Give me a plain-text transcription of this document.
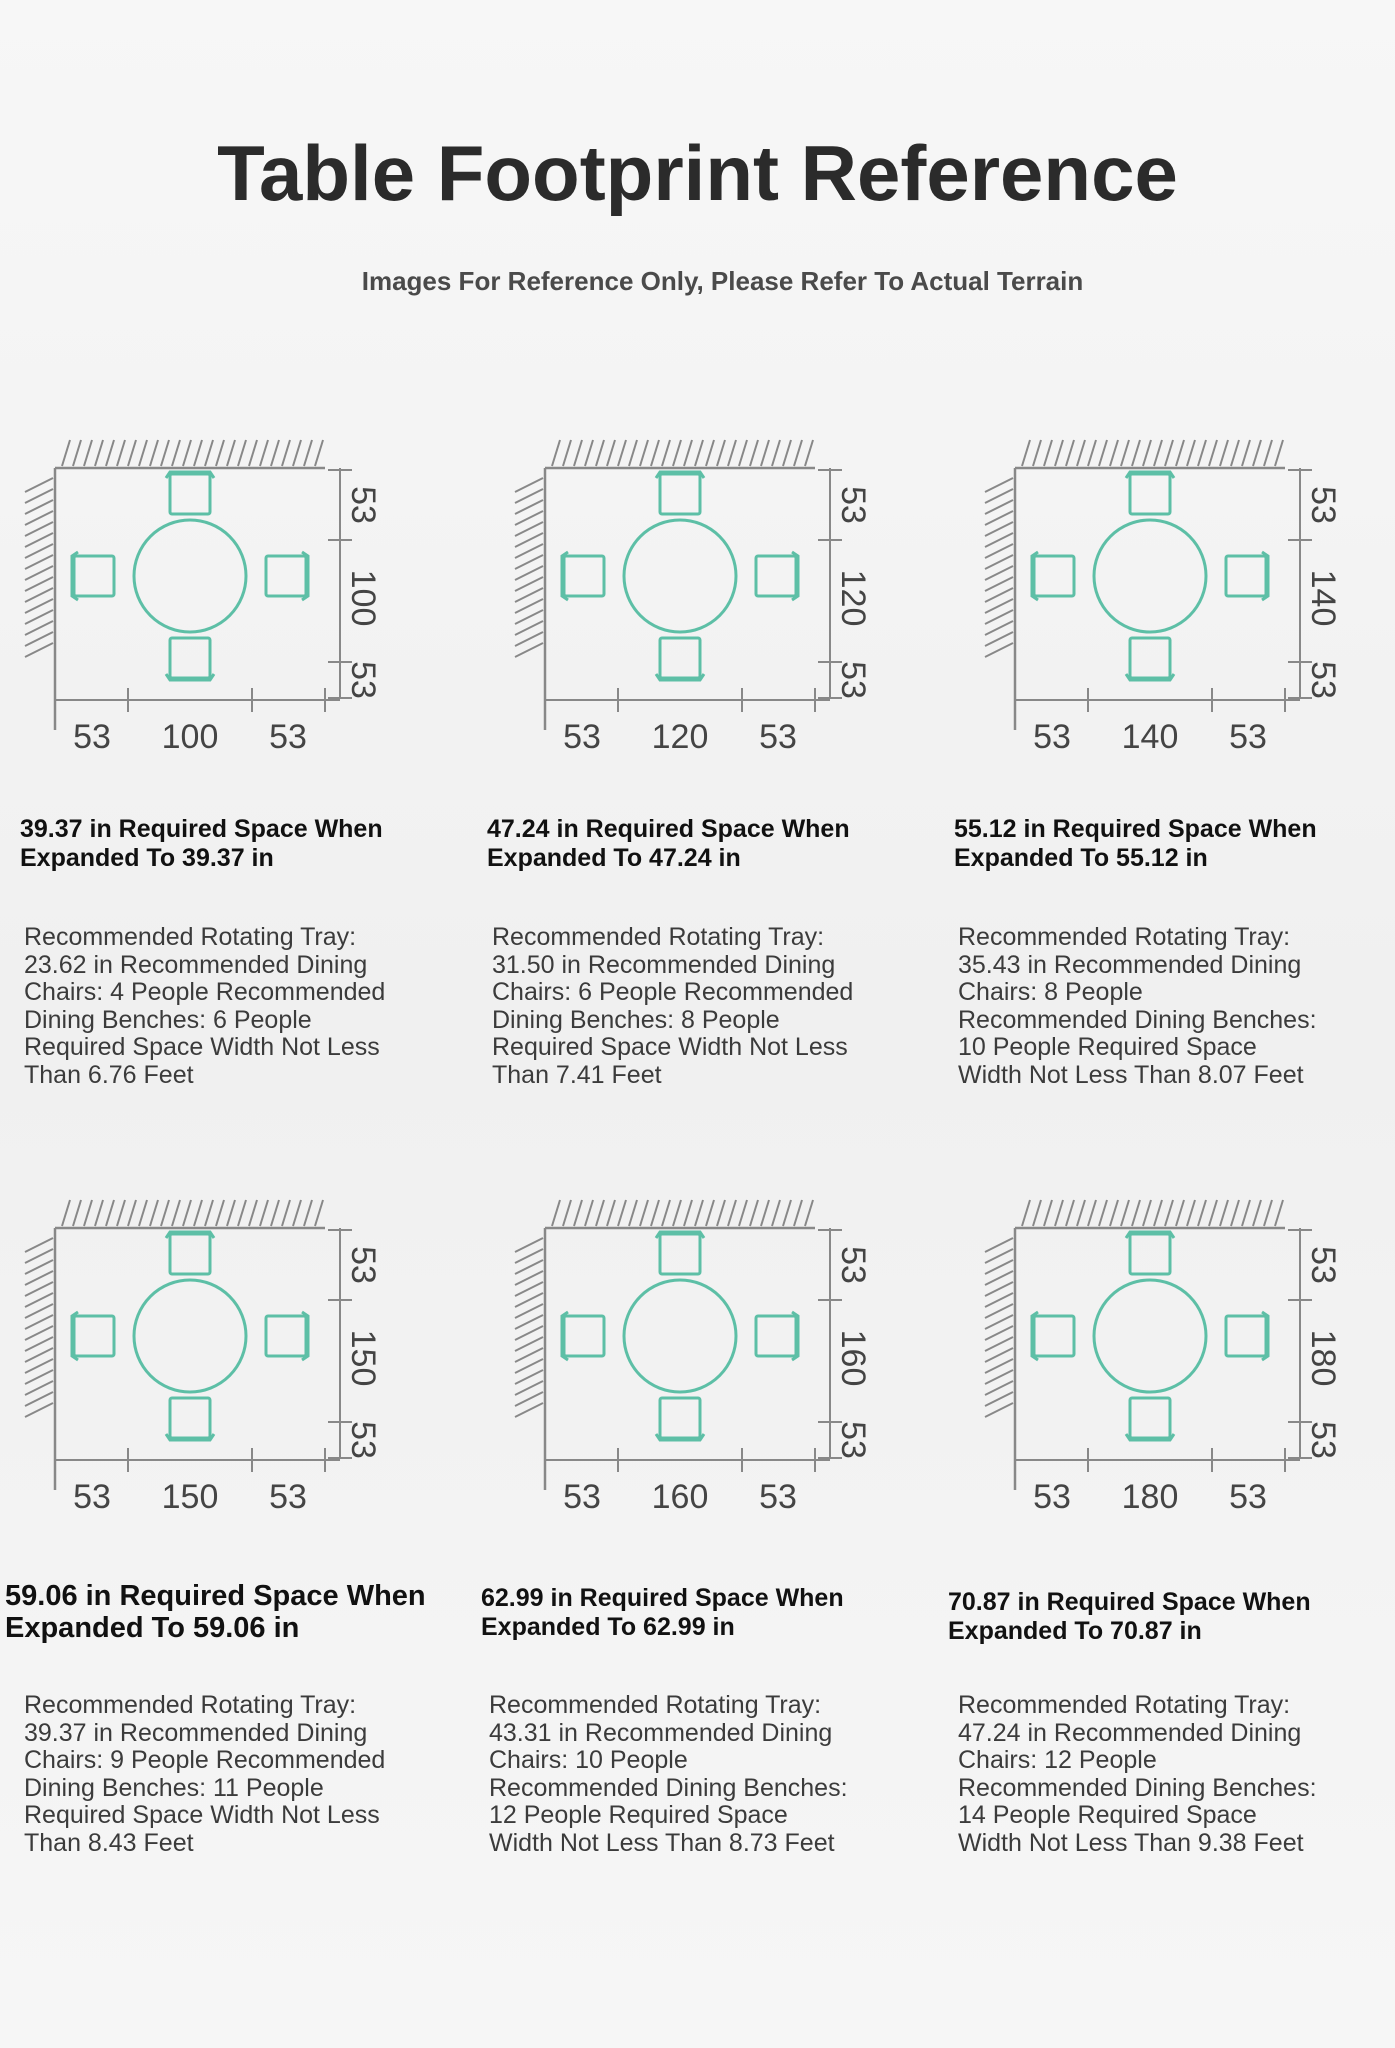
Table Footprint Reference
Images For Reference Only, Please Refer To Actual Terrain
53 100 53
53
100
53
39.37 in Required Space When
Expanded To 39.37 in
Recommended Rotating Tray:
23.62 in Recommended Dining
Chairs: 4 People Recommended
Dining Benches: 6 People
Required Space Width Not Less
Than 6.76 Feet
53 120 53
53
120
53
47.24 in Required Space When
Expanded To 47.24 in
Recommended Rotating Tray:
31.50 in Recommended Dining
Chairs: 6 People Recommended
Dining Benches: 8 People
Required Space Width Not Less
Than 7.41 Feet
53 140 53
53
140
53
55.12 in Required Space When
Expanded To 55.12 in
Recommended Rotating Tray:
35.43 in Recommended Dining
Chairs: 8 People
Recommended Dining Benches:
10 People Required Space
Width Not Less Than 8.07 Feet
53 150 53
53
150
53
59.06 in Required Space When
Expanded To 59.06 in
Recommended Rotating Tray:
39.37 in Recommended Dining
Chairs: 9 People Recommended
Dining Benches: 11 People
Required Space Width Not Less
Than 8.43 Feet
53 160 53
53
160
53
62.99 in Required Space When
Expanded To 62.99 in
Recommended Rotating Tray:
43.31 in Recommended Dining
Chairs: 10 People
Recommended Dining Benches:
12 People Required Space
Width Not Less Than 8.73 Feet
53 180 53
53
180
53
70.87 in Required Space When
Expanded To 70.87 in
Recommended Rotating Tray:
47.24 in Recommended Dining
Chairs: 12 People
Recommended Dining Benches:
14 People Required Space
Width Not Less Than 9.38 Feet
